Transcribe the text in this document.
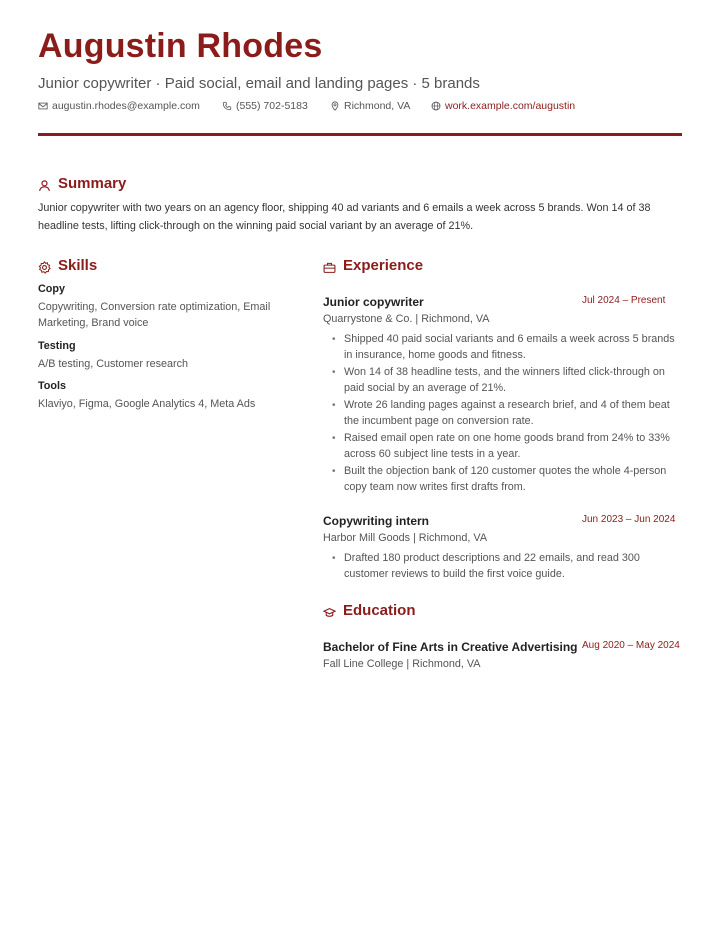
Augustin Rhodes
Junior copywriter · Paid social, email and landing pages · 5 brands
augustin.rhodes@example.com	(555) 702-5183	Richmond, VA	work.example.com/augustin
Summary
Junior copywriter with two years on an agency floor, shipping 40 ad variants and 6 emails a week across 5 brands. Won 14 of 38 headline tests, lifting click-through on the winning paid social variant by an average of 21%.
Skills
Copy
Copywriting, Conversion rate optimization, Email Marketing, Brand voice
Testing
A/B testing, Customer research
Tools
Klaviyo, Figma, Google Analytics 4, Meta Ads
Experience
Junior copywriter	Jul 2024 – Present
Quarrystone & Co. | Richmond, VA
• Shipped 40 paid social variants and 6 emails a week across 5 brands in insurance, home goods and fitness.
• Won 14 of 38 headline tests, and the winners lifted click-through on paid social by an average of 21%.
• Wrote 26 landing pages against a research brief, and 4 of them beat the incumbent page on conversion rate.
• Raised email open rate on one home goods brand from 24% to 33% across 60 subject line tests in a year.
• Built the objection bank of 120 customer quotes the whole 4-person copy team now writes first drafts from.
Copywriting intern	Jun 2023 – Jun 2024
Harbor Mill Goods | Richmond, VA
• Drafted 180 product descriptions and 22 emails, and read 300 customer reviews to build the first voice guide.
Education
Bachelor of Fine Arts in Creative Advertising Aug 2020 – May 2024
Fall Line College | Richmond, VA
